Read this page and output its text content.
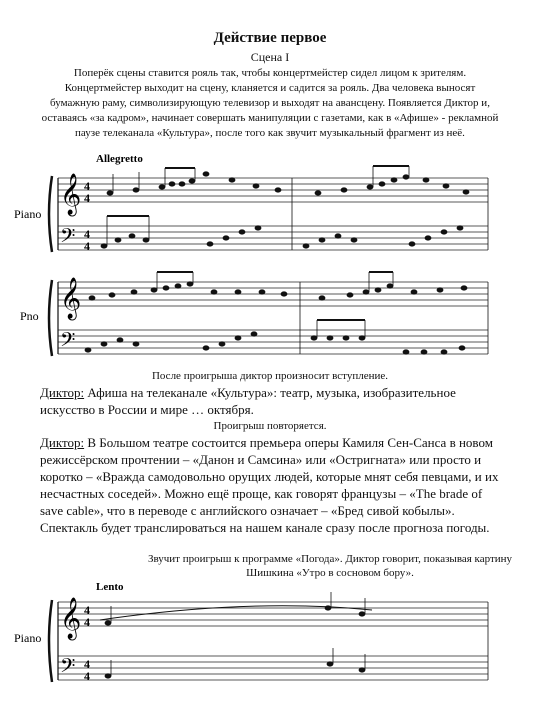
Действие первое
Сцена I
Поперёк сцены ставится рояль так, чтобы концертмейстер сидел лицом к зрителям. Концертмейстер выходит на сцену, кланяется и садится за рояль. Два человека выносят бумажную раму, символизирующую телевизор и выходят на авансцену. Появляется Диктор и, оставаясь «за кадром», начинает совершать манипуляции с газетами, как в «Афише» - рекламной паузе телеканала «Культура», после того как звучит музыкальный фрагмент из неё.
Allegretto
Piano 𝄞
𝄢
4
4
4
4
Pno 𝄞
𝄢
После проигрыша диктор произносит вступление.
Диктор: Афиша на телеканале «Культура»: театр, музыка, изобразительное искусство в России и мире … октября.
Проигрыш повторяется.
Диктор: В Большом театре состоится премьера оперы Камиля Сен-Санса в новом режиссёрском прочтении – «Данон и Самсина» или «Остригната» или просто и коротко – «Вражда самодовольно орущих людей, которые мнят себя певцами, и их несчастных соседей». Можно ещё проще, как говорят французы – «The brade of save cable», что в переводе с английского означает – «Бред сивой кобылы». Спектакль будет транслироваться на нашем канале сразу после прогноза погоды.
Звучит проигрыш к программе «Погода». Диктор говорит, показывая картину Шишкина «Утро в сосновом бору».
Lento
Piano 𝄞
𝄢
4
4
4
4
